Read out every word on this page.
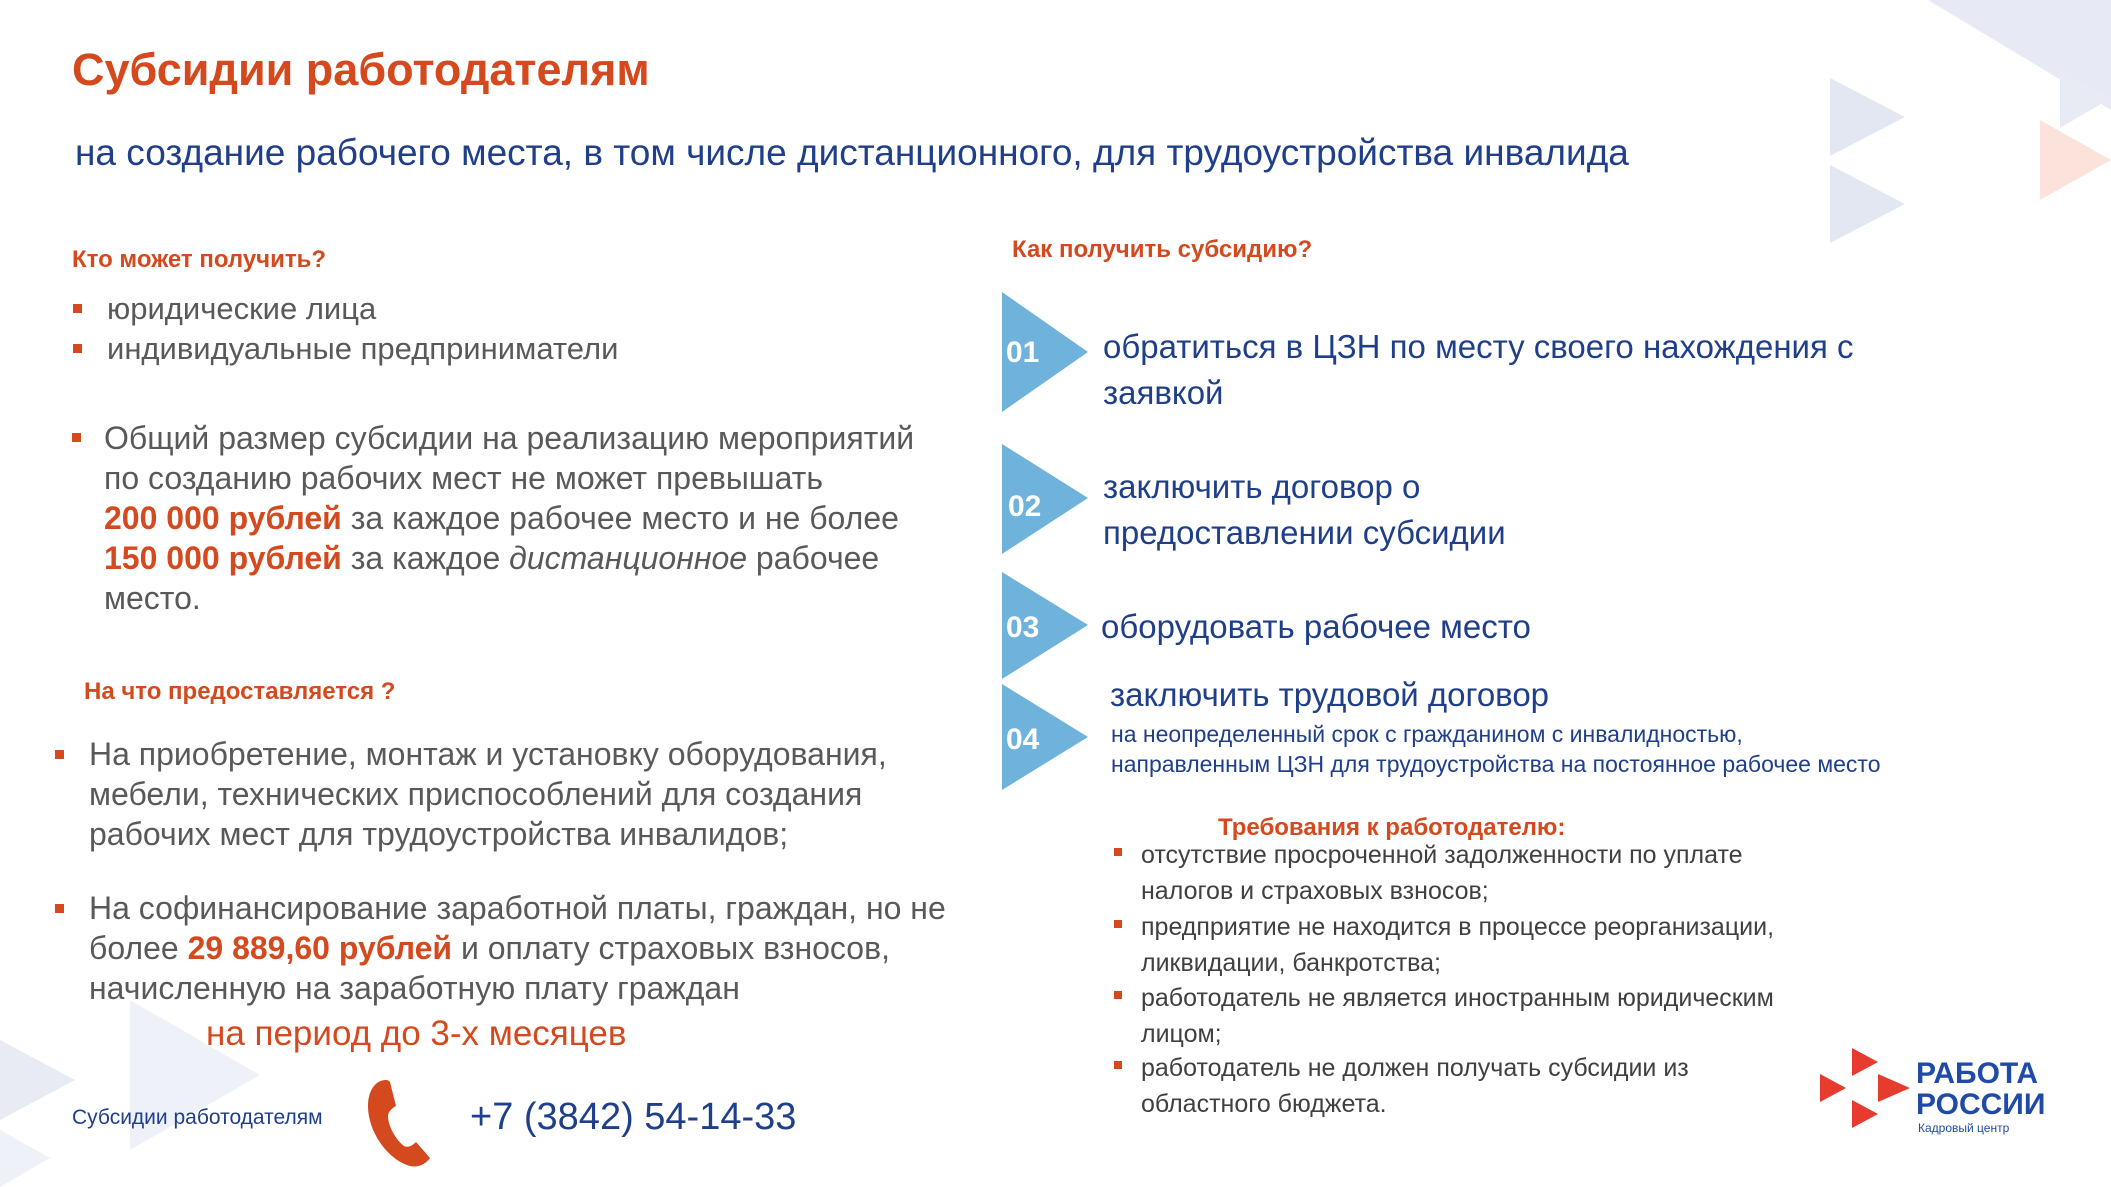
Субсидии работодателям
на создание рабочего места, в том числе дистанционного, для трудоустройства инвалида
Кто может получить?
юридические лица
индивидуальные предприниматели
Общий размер субсидии на реализацию мероприятий
по созданию рабочих мест не может превышать
200 000 рублей за каждое рабочее место и не более
150 000 рублей за каждое дистанционное рабочее
место.
На что предоставляется ?
На приобретение, монтаж и установку оборудования,
мебели, технических приспособлений для создания
рабочих мест для трудоустройства инвалидов;
На софинансирование заработной платы, граждан, но не
более 29 889,60 рублей и оплату страховых взносов,
начисленную на заработную плату граждан
на период до 3-х месяцев
Как получить субсидию?
01
02
03
04
обратиться в ЦЗН по месту своего нахождения с
заявкой
заключить договор о
предоставлении субсидии
оборудовать рабочее место
заключить трудовой договор
на неопределенный срок с гражданином с инвалидностью,
направленным ЦЗН для трудоустройства на постоянное рабочее место
Требования к работодателю:
отсутствие просроченной задолженности по уплате
налогов и страховых взносов;
предприятие не находится в процессе реорганизации,
ликвидации, банкротства;
работодатель не является иностранным юридическим
лицом;
работодатель не должен получать субсидии из
областного бюджета.
Субсидии работодателям	+7 (3842) 54-14-33
РАБОТА
РОССИИ
Кадровый центр
